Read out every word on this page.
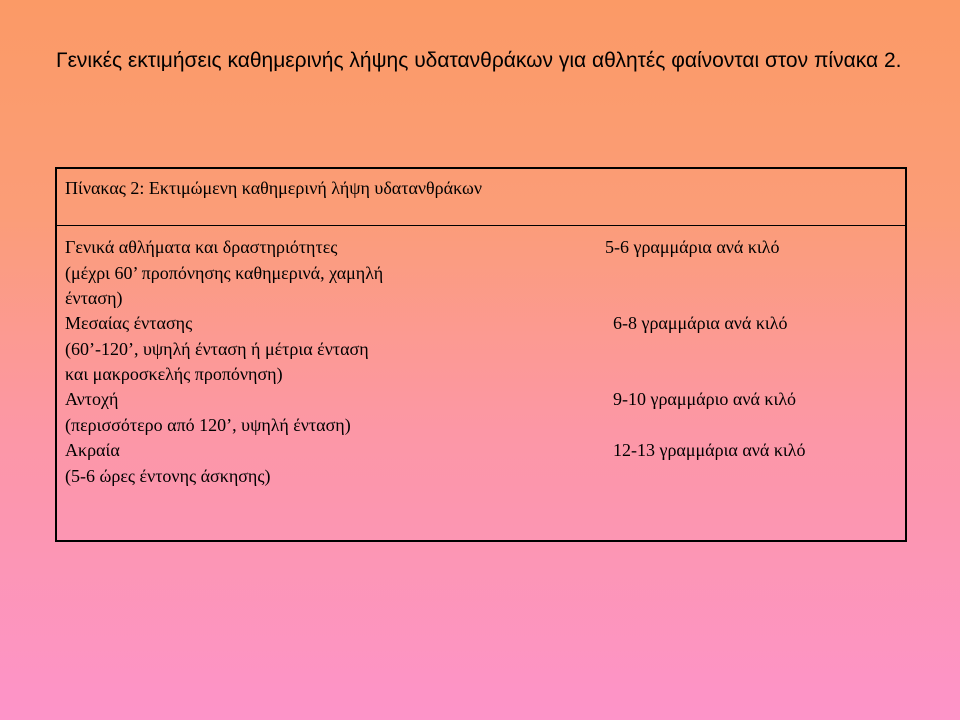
Γενικές εκτιμήσεις καθημερινής λήψης υδατανθράκων για αθλητές φαίνονται στον πίνακα 2.
Πίνακας 2: Εκτιμώμενη καθημερινή λήψη υδατανθράκων
Γενικά αθλήματα και δραστηριότητες
(μέχρι 60’ προπόνησης καθημερινά, χαμηλή
ένταση)
5-6 γραμμάρια ανά κιλό
Μεσαίας έντασης
(60’-120’, υψηλή ένταση ή μέτρια ένταση
και μακροσκελής προπόνηση)
6-8 γραμμάρια ανά κιλό
Αντοχή
(περισσότερο από 120’, υψηλή ένταση)
9-10 γραμμάριο ανά κιλό
Ακραία
(5-6 ώρες έντονης άσκησης)
12-13 γραμμάρια ανά κιλό
